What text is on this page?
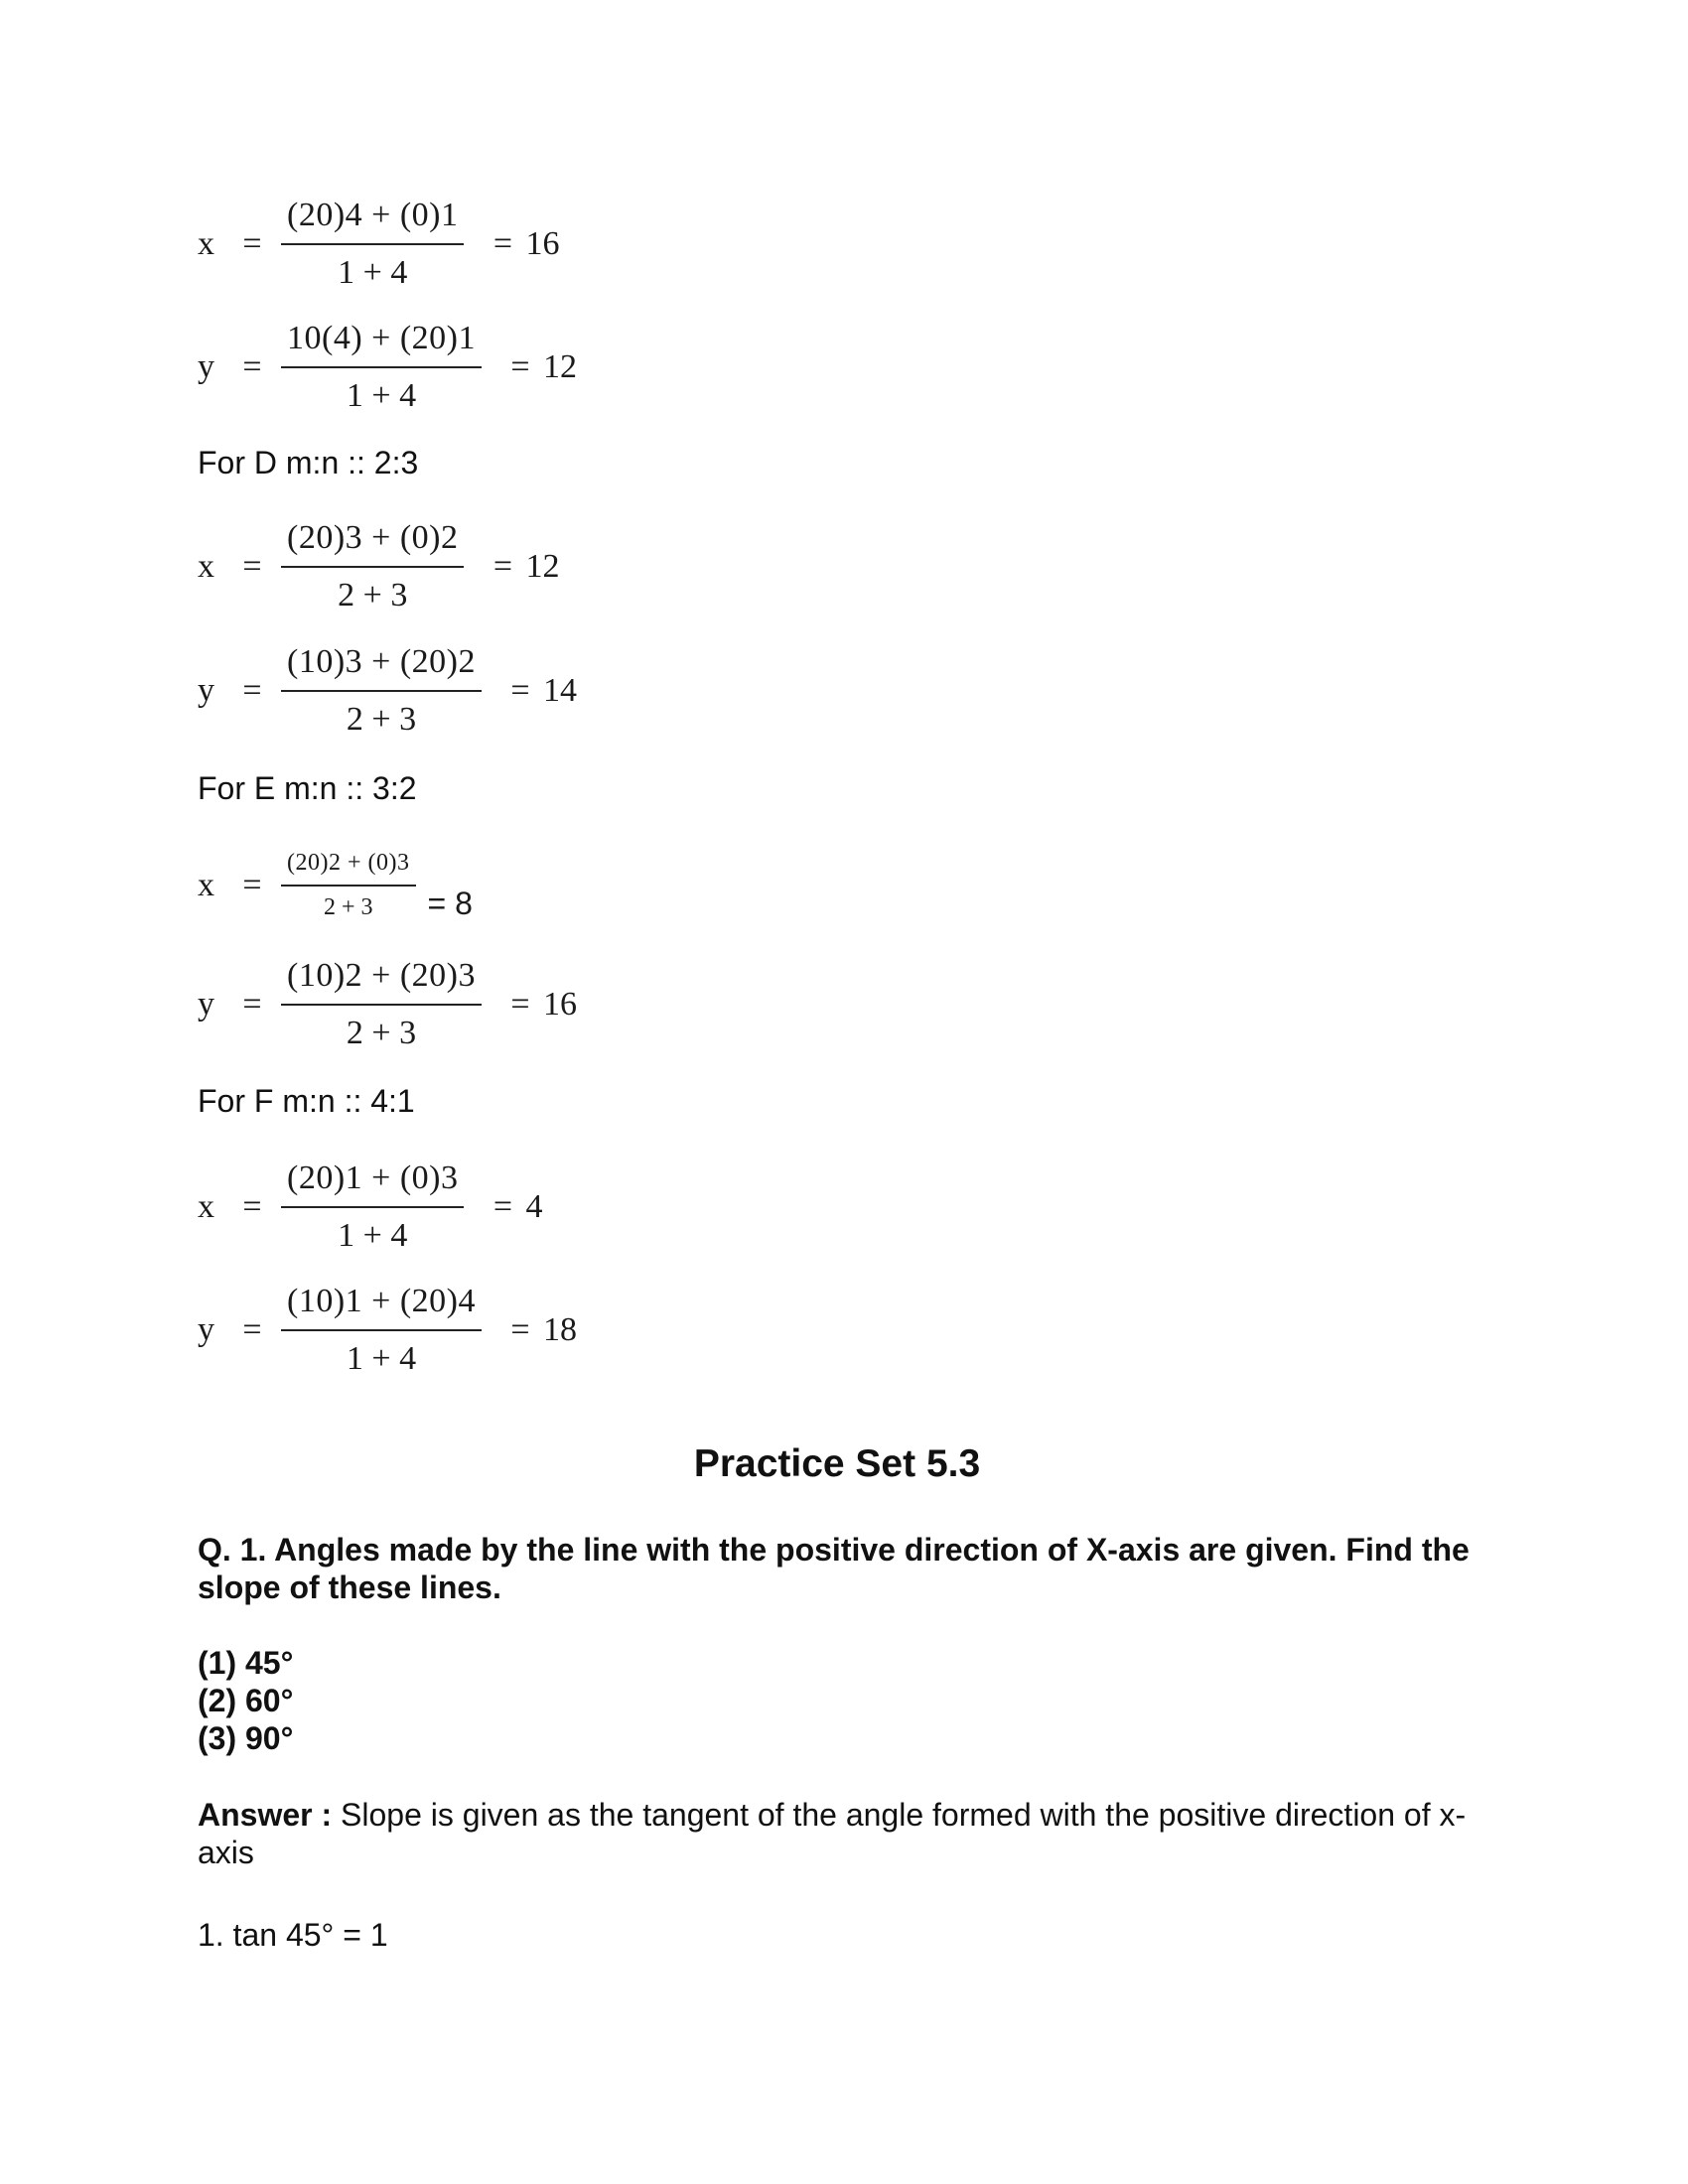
$x = \frac{(20)4 + (0)1}{1 + 4} = 16$
$y = \frac{10(4) + (20)1}{1 + 4} = 12$
For D m:n :: 2:3
$x = \frac{(20)3 + (0)2}{2 + 3} = 12$
$y = \frac{(10)3 + (20)2}{2 + 3} = 14$
For E m:n :: 3:2
$x = \frac{(20)2 + (0)3}{2 + 3} = 8$
$y = \frac{(10)2 + (20)3}{2 + 3} = 16$
For F m:n :: 4:1
$x = \frac{(20)1 + (0)3}{1 + 4} = 4$
$y = \frac{(10)1 + (20)4}{1 + 4} = 18$
Practice Set 5.3
Q. 1. Angles made by the line with the positive direction of X-axis are given. Find the slope of these lines.
(1) 45°
(2) 60°
(3) 90°
Answer : Slope is given as the tangent of the angle formed with the positive direction of x-axis
1. tan 45° = 1
